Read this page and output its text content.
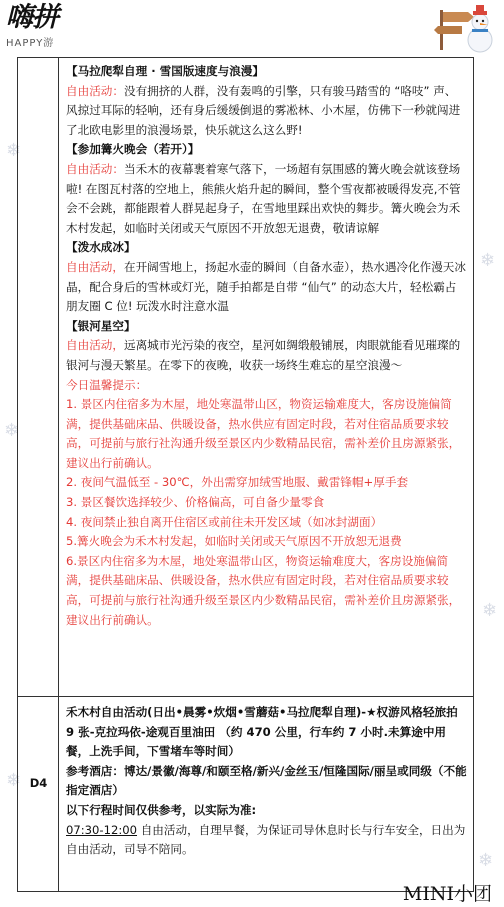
❄
❄
❄
❄
❄
❄
嗨拼
HAPPY游
D4

【马拉爬犁自理 · 雪国版速度与浪漫】

自由活动：没有拥挤的人群，没有轰鸣的引擎，只有骏马踏雪的 “咯吱” 声、风掠过耳际的轻响，还有身后缓缓倒退的雾凇林、小木屋，仿佛下一秒就闯进了北欧电影里的浪漫场景，快乐就这么这么野!

【参加篝火晚会（若开）】

自由活动：当禾木的夜幕裹着寒气落下，一场超有氛围感的篝火晚会就该登场啦! 在图瓦村落的空地上，熊熊火焰升起的瞬间，整个雪夜都被暖得发亮,不管会不会跳，都能跟着人群晃起身子，在雪地里踩出欢快的舞步。篝火晚会为禾木村发起，如临时关闭或天气原因不开放恕无退费，敬请谅解

【泼水成冰】

自由活动，在开阔雪地上，扬起水壶的瞬间（自备水壶），热水遇冷化作漫天冰晶，配合身后的雪林或灯光，随手拍都是自带 “仙气” 的动态大片，轻松霸占朋友圈 C 位! 玩泼水时注意水温

【银河星空】

自由活动，远离城市光污染的夜空，星河如绸缎般铺展，肉眼就能看见璀璨的银河与漫天繁星。在零下的夜晚，收获一场终生难忘的星空浪漫～

今日温馨提示：

1. 景区内住宿多为木屋，地处寒温带山区，物资运输难度大，客房设施偏简满，提供基础床品、供暖设备，热水供应有固定时段，若对住宿品质要求较高，可提前与旅行社沟通升级至景区内少数精品民宿，需补差价且房源紧张，建议出行前确认。

2. 夜间气温低至 - 30℃，外出需穿加绒雪地服、戴雷锋帽+厚手套

3. 景区餐饮选择较少、价格偏高，可自备少量零食

4. 夜间禁止独自离开住宿区或前往未开发区域（如冰封湖面）

5.篝火晚会为禾木村发起，如临时关闭或天气原因不开放恕无退费

6.景区内住宿多为木屋，地处寒温带山区，物资运输难度大，客房设施偏简满，提供基础床品、供暖设备，热水供应有固定时段，若对住宿品质要求较高，可提前与旅行社沟通升级至景区内少数精品民宿，需补差价且房源紧张，建议出行前确认。

禾木村自由活动(日出•晨雾•炊烟•雪蘑菇•马拉爬犁自理)-★权游风格轻旅拍 9 张-克拉玛依-途观百里油田 （约 470 公里，行车约 7 小时.未算途中用餐，上洗手间，下雪堵车等时间）

参考酒店：博达/景徽/海尊/和颐至格/新兴/金丝玉/恒隆国际/丽呈或同级（不能指定酒店）

以下行程时间仅供参考，以实际为准:

07:30-12:00 自由活动，自理早餐，为保证司导休息时长与行车安全，日出为自由活动，司导不陪同。

MINI小团
